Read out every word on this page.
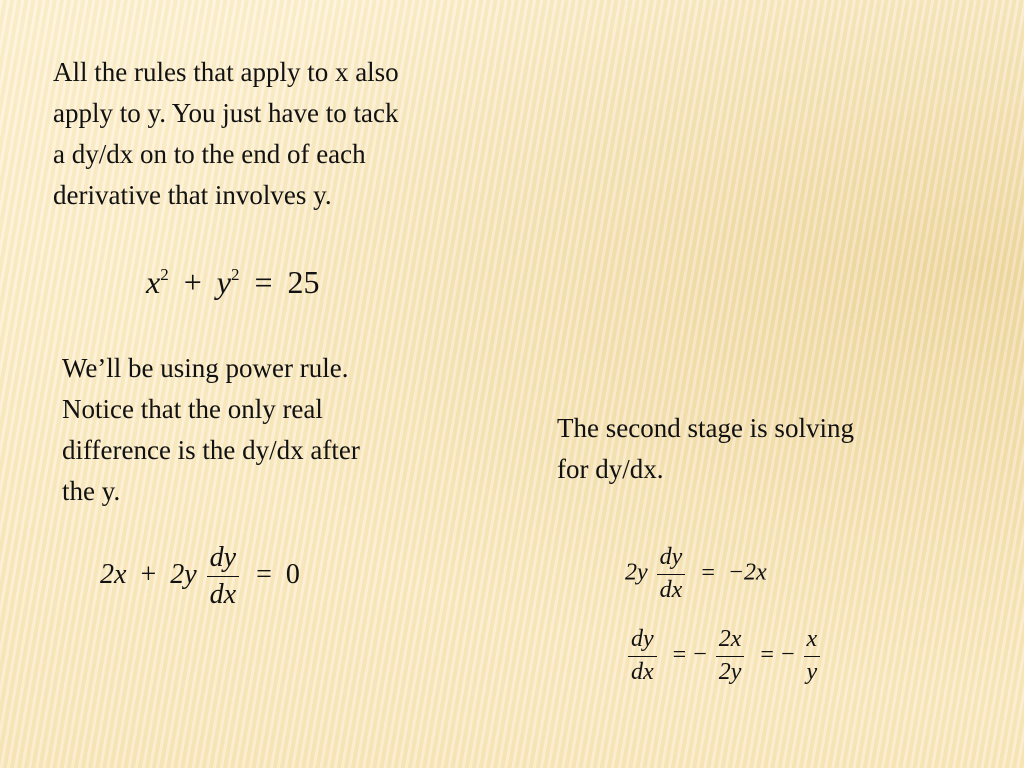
All the rules that apply to x also
apply to y. You just have to tack
a dy/dx on to the end of each
derivative that involves y.
$x^2 + y^2 = 25$
We’ll be using power rule.
Notice that the only real
difference is the dy/dx after
the y.
$2x + 2y \frac{dy}{dx} = 0$
The second stage is solving
for dy/dx.
$2y \frac{dy}{dx} = -2x$
$\frac{dy}{dx}$ = − $\frac{2x}{2y}$ = − $\frac{x}{y}$
